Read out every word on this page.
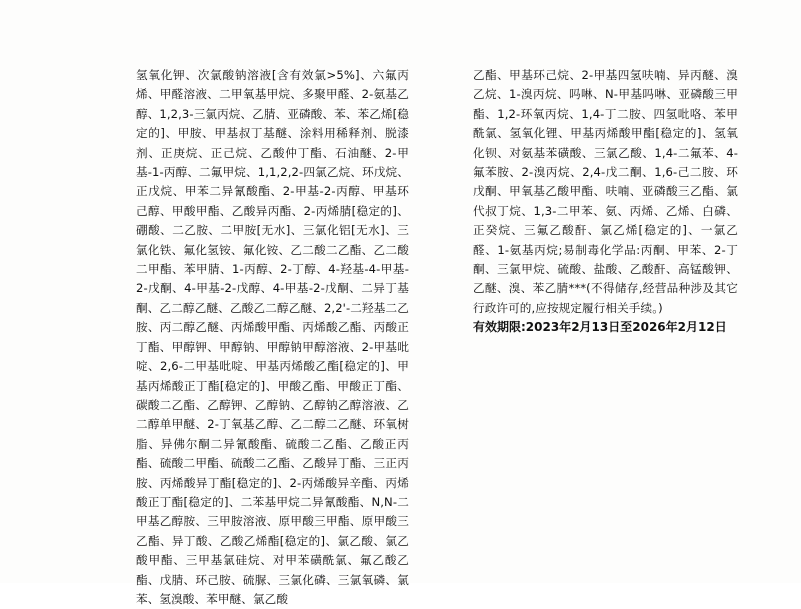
氢氧化钾、次氯酸钠溶液[含有效氯>5%]、六氟丙烯、甲醛溶液、二甲氧基甲烷、多聚甲醛、2-氨基乙醇、1,2,3-三氯丙烷、乙腈、亚磷酸、苯、苯乙烯[稳定的]、甲胺、甲基叔丁基醚、涂料用稀释剂、脱漆剂、正庚烷、正己烷、乙酸仲丁酯、石油醚、2-甲基-1-丙醇、二氟甲烷、1,1,2,2-四氯乙烷、环戊烷、正戊烷、甲苯二异氰酸酯、2-甲基-2-丙醇、甲基环己醇、甲酸甲酯、乙酸异丙酯、2-丙烯腈[稳定的]、硼酸、二乙胺、二甲胺[无水]、三氯化铝[无水]、三氯化铁、氟化氢铵、氟化铵、乙二酸二乙酯、乙二酸二甲酯、苯甲腈、1-丙醇、2-丁醇、4-羟基-4-甲基-2-戊酮、4-甲基-2-戊醇、4-甲基-2-戊酮、二异丁基酮、乙二醇乙醚、乙酸乙二醇乙醚、2,2'-二羟基二乙胺、丙二醇乙醚、丙烯酸甲酯、丙烯酸乙酯、丙酸正丁酯、甲醇钾、甲醇钠、甲醇钠甲醇溶液、2-甲基吡啶、2,6-二甲基吡啶、甲基丙烯酸乙酯[稳定的]、甲基丙烯酸正丁酯[稳定的]、甲酸乙酯、甲酸正丁酯、碳酸二乙酯、乙醇钾、乙醇钠、乙醇钠乙醇溶液、乙二醇单甲醚、2-丁氧基乙醇、乙二醇二乙醚、环氧树脂、异佛尔酮二异氰酸酯、硫酸二乙酯、乙酸正丙酯、硫酸二甲酯、硫酸二乙酯、乙酸异丁酯、三正丙胺、丙烯酸异丁酯[稳定的]、2-丙烯酸异辛酯、丙烯酸正丁酯[稳定的]、二苯基甲烷二异氰酸酯、N,N-二甲基乙醇胺、三甲胺溶液、原甲酸三甲酯、原甲酸三乙酯、异丁酸、乙酸乙烯酯[稳定的]、氯乙酸、氯乙酸甲酯、三甲基氯硅烷、对甲苯磺酰氯、氟乙酸乙酯、戊腈、环己胺、硫脲、三氯化磷、三氯氧磷、氯苯、氢溴酸、苯甲醚、氯乙酸
乙酯、甲基环己烷、2-甲基四氢呋喃、异丙醚、溴乙烷、1-溴丙烷、吗啉、N-甲基吗啉、亚磷酸三甲酯、1,2-环氧丙烷、1,4-丁二胺、四氢吡咯、苯甲酰氯、氢氧化锂、甲基丙烯酸甲酯[稳定的]、氢氧化钡、对氨基苯磺酸、三氯乙酸、1,4-二氟苯、4-氟苯胺、2-溴丙烷、2,4-戊二酮、1,6-己二胺、环戊酮、甲氧基乙酸甲酯、呋喃、亚磷酸三乙酯、氯代叔丁烷、1,3-二甲苯、氨、丙烯、乙烯、白磷、正癸烷、三氟乙酸酐、氯乙烯[稳定的]、一氯乙醛、1-氨基丙烷;易制毒化学品:丙酮、甲苯、2-丁酮、三氯甲烷、硫酸、盐酸、乙酸酐、高锰酸钾、乙醚、溴、苯乙腈***(不得储存,经营品种涉及其它行政许可的,应按规定履行相关手续。)
有效期限:2023年2月13日至2026年2月12日
